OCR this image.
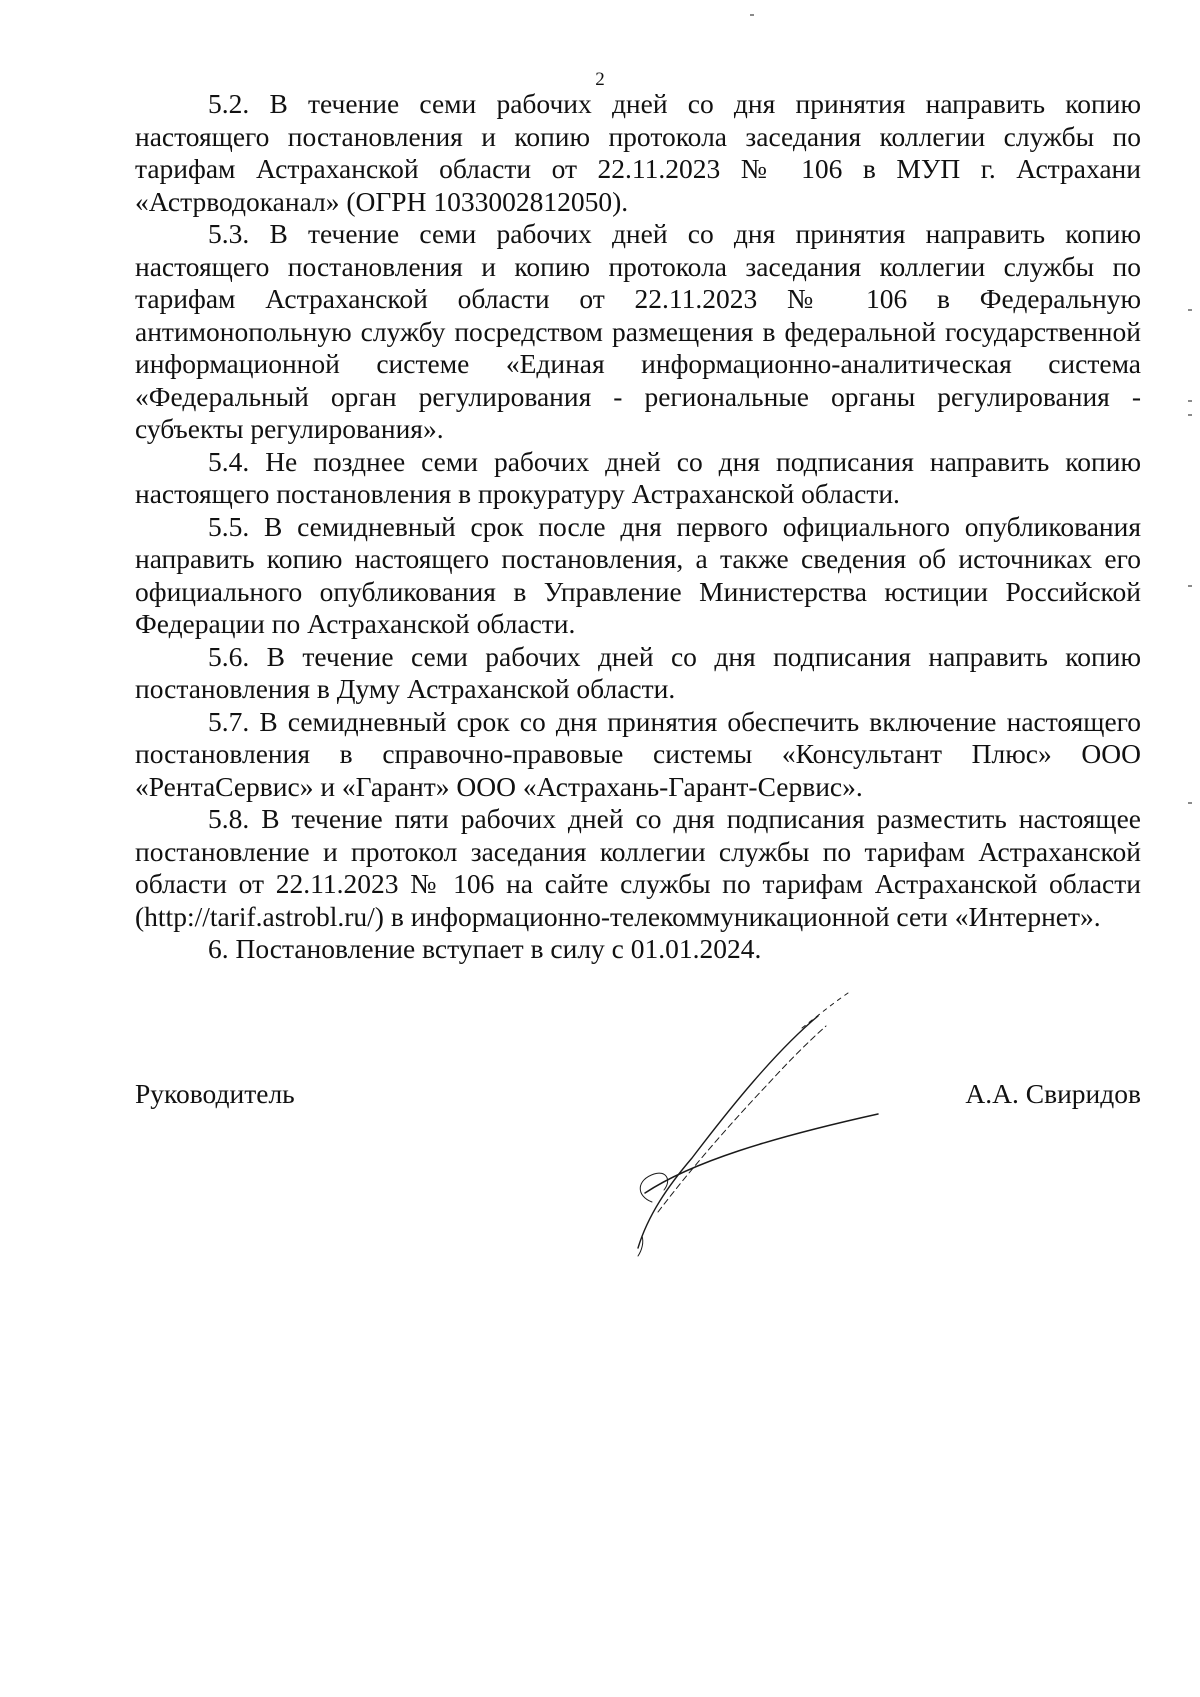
2

5.2. В течение семи рабочих дней со дня принятия направить копию настоящего постановления и копию протокола заседания коллегии службы по тарифам Астраханской области от 22.11.2023 № 106 в МУП г. Астрахани «Астрводоканал» (ОГРН 1033002812050).

5.3. В течение семи рабочих дней со дня принятия направить копию настоящего постановления и копию протокола заседания коллегии службы по тарифам Астраханской области от 22.11.2023 № 106 в Федеральную антимонопольную службу посредством размещения в федеральной государственной информационной системе «Единая информационно-аналитическая система «Федеральный орган регулирования - региональные органы регулирования - субъекты регулирования».

5.4. Не позднее семи рабочих дней со дня подписания направить копию настоящего постановления в прокуратуру Астраханской области.

5.5. В семидневный срок после дня первого официального опубликования направить копию настоящего постановления, а также сведения об источниках его официального опубликования в Управление Министерства юстиции Российской Федерации по Астраханской области.

5.6. В течение семи рабочих дней со дня подписания направить копию постановления в Думу Астраханской области.

5.7. В семидневный срок со дня принятия обеспечить включение настоящего постановления в справочно-правовые системы «Консультант Плюс» ООО «РентаСервис» и «Гарант» ООО «Астрахань-Гарант-Сервис».

5.8. В течение пяти рабочих дней со дня подписания разместить настоящее постановление и протокол заседания коллегии службы по тарифам Астраханской области от 22.11.2023 № 106 на сайте службы по тарифам Астраханской области (http://tarif.astrobl.ru/) в информационно-телекоммуникационной сети «Интернет».

6. Постановление вступает в силу с 01.01.2024.

Руководитель	А.А. Свиридов
